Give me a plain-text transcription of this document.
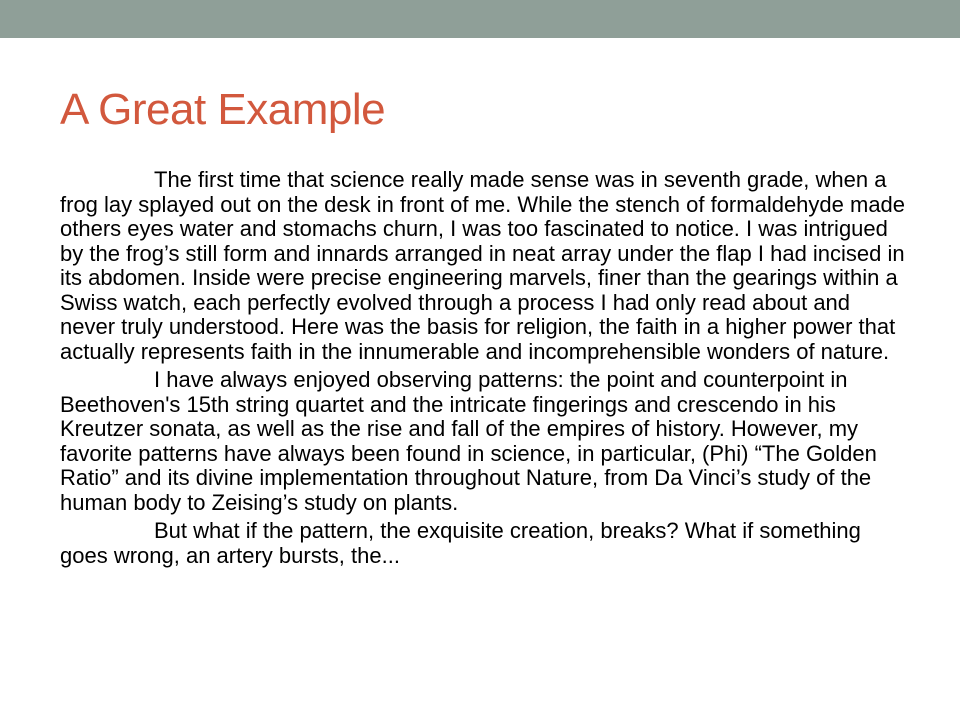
A Great Example

The first time that science really made sense was in seventh grade, when a frog lay splayed out on the desk in front of me. While the stench of formaldehyde made others eyes water and stomachs churn, I was too fascinated to notice. I was intrigued by the frog’s still form and innards arranged in neat array under the flap I had incised in its abdomen. Inside were precise engineering marvels, finer than the gearings within a Swiss watch, each perfectly evolved through a process I had only read about and never truly understood. Here was the basis for religion, the faith in a higher power that actually represents faith in the innumerable and incomprehensible wonders of nature.

I have always enjoyed observing patterns: the point and counterpoint in Beethoven's 15th string quartet and the intricate fingerings and crescendo in his Kreutzer sonata, as well as the rise and fall of the empires of history. However, my favorite patterns have always been found in science, in particular, (Phi) “The Golden Ratio” and its divine implementation throughout Nature, from Da Vinci’s study of the human body to Zeising’s study on plants.

But what if the pattern, the exquisite creation, breaks? What if something goes wrong, an artery bursts, the...
